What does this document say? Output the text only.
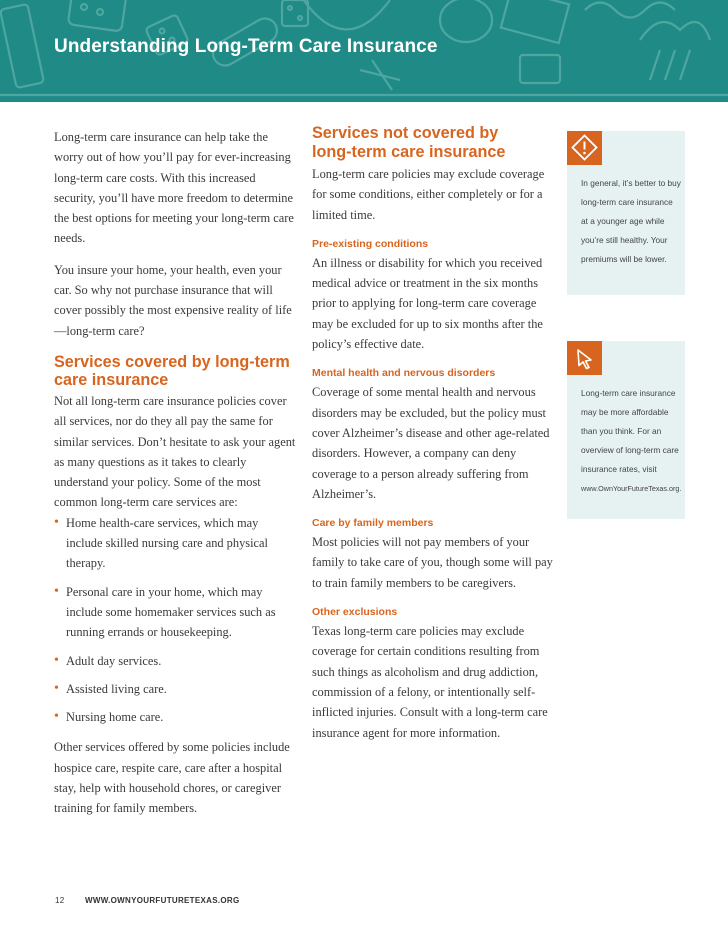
Understanding Long-Term Care Insurance

Long-term care insurance can help take the worry out of how you’ll pay for ever-increasing long-term care costs. With this increased security, you’ll have more freedom to determine the best options for meeting your long-term care needs.

You insure your home, your health, even your car. So why not purchase insurance that will cover possibly the most expensive reality of life—long-term care?

Services covered by long-term care insurance

Not all long-term care insurance policies cover all services, nor do they all pay the same for similar services. Don’t hesitate to ask your agent as many questions as it takes to clearly understand your policy. Some of the most common long-term care services are:

• Home health-care services, which may include skilled nursing care and physical therapy.
• Personal care in your home, which may include some homemaker services such as running errands or housekeeping.
• Adult day services.
• Assisted living care.
• Nursing home care.

Other services offered by some policies include hospice care, respite care, care after a hospital stay, help with household chores, or caregiver training for family members.

Services not covered by long-term care insurance

Long-term care policies may exclude coverage for some conditions, either completely or for a limited time.

Pre-existing conditions

An illness or disability for which you received medical advice or treatment in the six months prior to applying for long-term care coverage may be excluded for up to six months after the policy’s effective date.

Mental health and nervous disorders

Coverage of some mental health and nervous disorders may be excluded, but the policy must cover Alzheimer’s disease and other age-related disorders. However, a company can deny coverage to a person already suffering from Alzheimer’s.

Care by family members

Most policies will not pay members of your family to take care of you, though some will pay to train family members to be caregivers.

Other exclusions

Texas long-term care policies may exclude coverage for certain conditions resulting from such things as alcoholism and drug addiction, commission of a felony, or intentionally self-inflicted injuries. Consult with a long-term care insurance agent for more information.

In general, it’s better to buy long-term care insurance at a younger age while you’re still healthy. Your premiums will be lower.
Long-term care insurance may be more affordable than you think. For an overview of long-term care insurance rates, visit
www.OwnYourFutureTexas.org.
12	WWW.OWNYOURFUTURETEXAS.ORG
